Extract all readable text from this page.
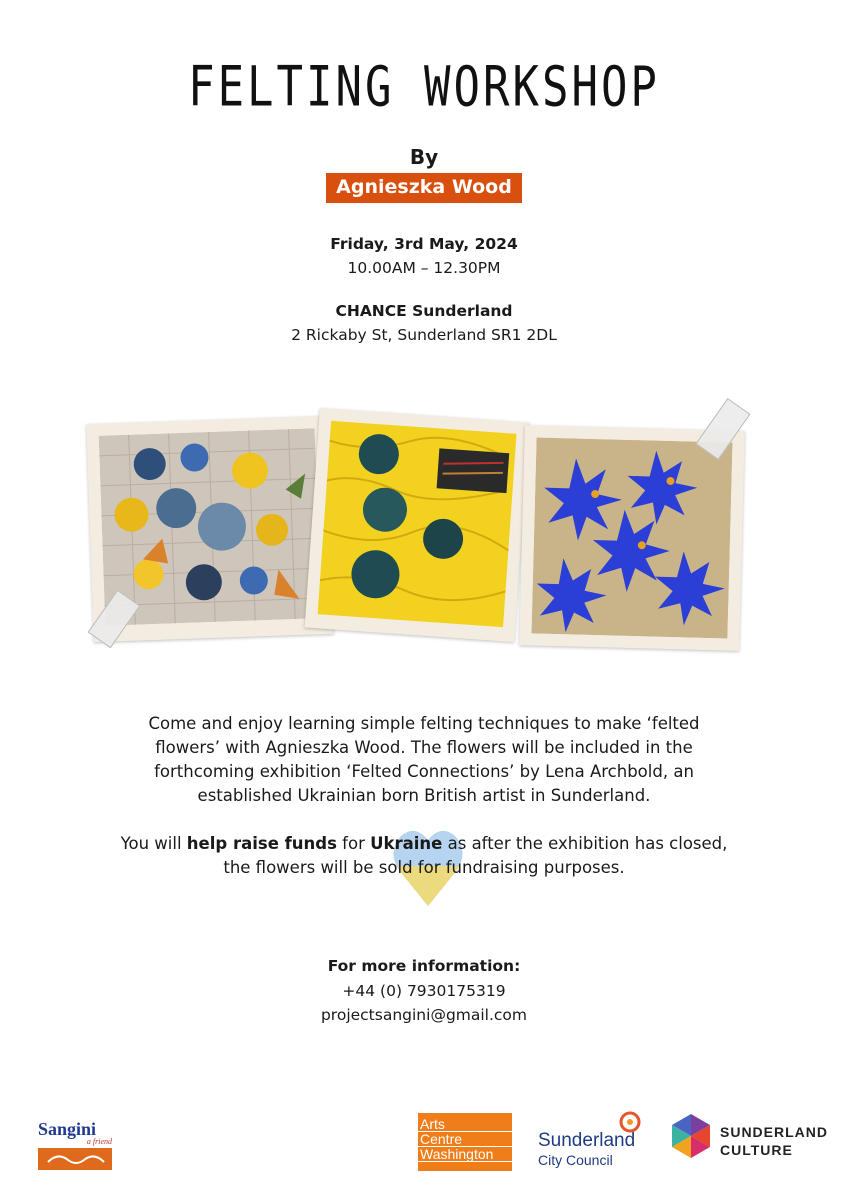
FELTING WORKSHOP
By
Agnieszka Wood
Friday, 3rd May, 2024
10.00AM – 12.30PM
CHANCE Sunderland
2 Rickaby St, Sunderland SR1 2DL

Come and enjoy learning simple felting techniques to make ‘felted

flowers’ with Agnieszka Wood. The flowers will be included in the

forthcoming exhibition ‘Felted Connections’ by Lena Archbold, an

established Ukrainian born British artist in Sunderland.

You will help raise funds for Ukraine as after the exhibition has closed,
the flowers will be sold for fundraising purposes.
For more information:
+44 (0) 7930175319
projectsangini@gmail.com
Sangini
a friend
Arts
Centre
Washington
Sunderland
City Council
SUNDERLAND
CULTURE
